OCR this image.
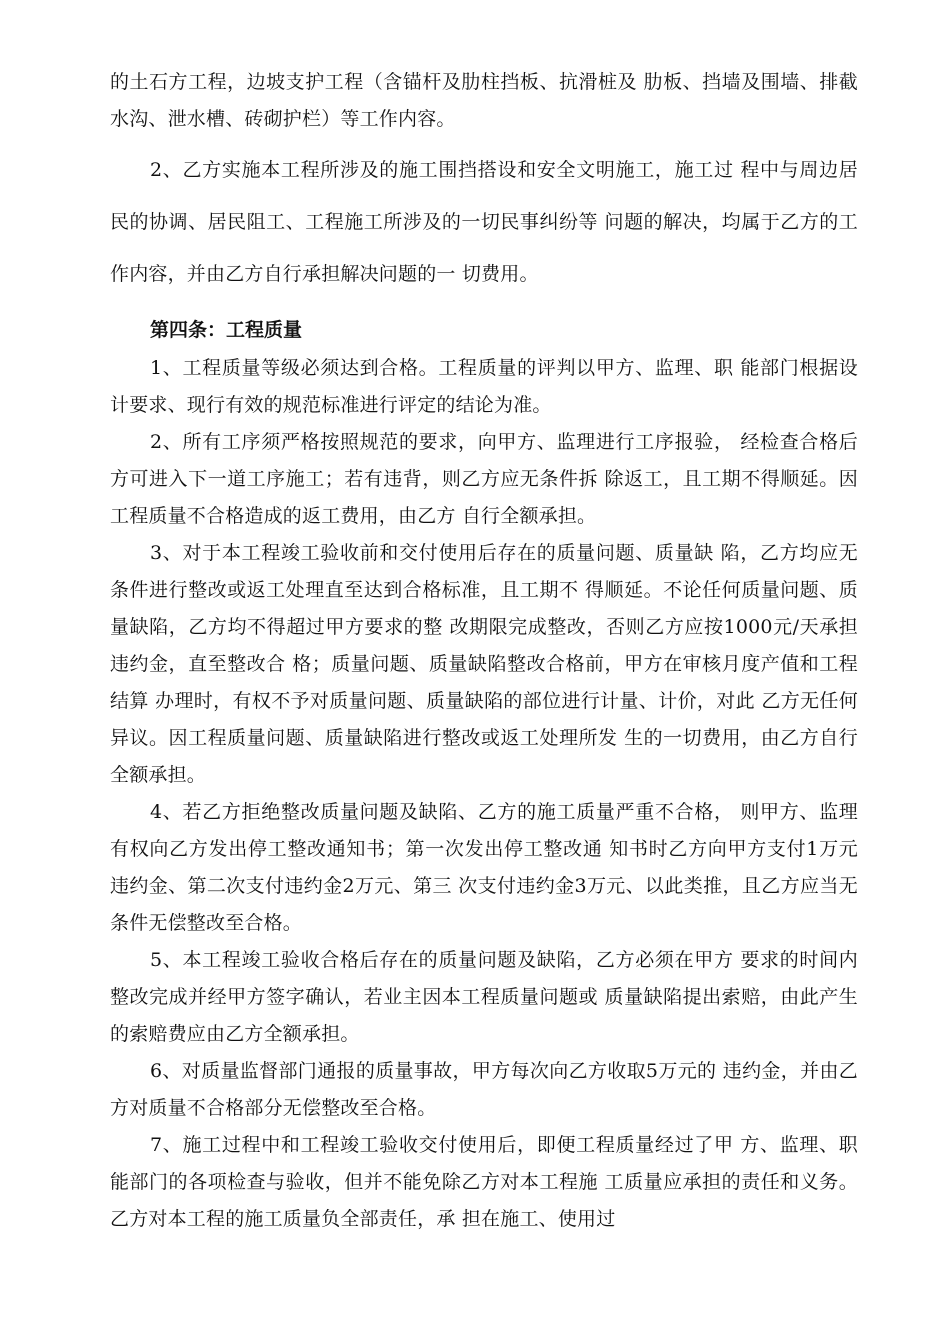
的土石方工程，边坡支护工程（含锚杆及肋柱挡板、抗滑桩及 肋板、挡墙及围墙、排截水沟、泄水槽、砖砌护栏）等工作内容。

2、乙方实施本工程所涉及的施工围挡搭设和安全文明施工，施工过 程中与周边居民的协调、居民阻工、工程施工所涉及的一切民事纠纷等 问题的解决，均属于乙方的工作内容，并由乙方自行承担解决问题的一 切费用。

第四条：工程质量

1、工程质量等级必须达到合格。工程质量的评判以甲方、监理、职 能部门根据设计要求、现行有效的规范标准进行评定的结论为准。

2、所有工序须严格按照规范的要求，向甲方、监理进行工序报验， 经检查合格后方可进入下一道工序施工；若有违背，则乙方应无条件拆 除返工，且工期不得顺延。因工程质量不合格造成的返工费用，由乙方 自行全额承担。

3、对于本工程竣工验收前和交付使用后存在的质量问题、质量缺 陷，乙方均应无条件进行整改或返工处理直至达到合格标准，且工期不 得顺延。不论任何质量问题、质量缺陷，乙方均不得超过甲方要求的整 改期限完成整改，否则乙方应按1000元/天承担违约金，直至整改合 格；质量问题、质量缺陷整改合格前，甲方在审核月度产值和工程结算 办理时，有权不予对质量问题、质量缺陷的部位进行计量、计价，对此 乙方无任何异议。因工程质量问题、质量缺陷进行整改或返工处理所发 生的一切费用，由乙方自行全额承担。

4、若乙方拒绝整改质量问题及缺陷、乙方的施工质量严重不合格， 则甲方、监理有权向乙方发出停工整改通知书；第一次发出停工整改通 知书时乙方向甲方支付1万元违约金、第二次支付违约金2万元、第三 次支付违约金3万元、以此类推，且乙方应当无条件无偿整改至合格。

5、本工程竣工验收合格后存在的质量问题及缺陷，乙方必须在甲方 要求的时间内整改完成并经甲方签字确认，若业主因本工程质量问题或 质量缺陷提出索赔，由此产生的索赔费应由乙方全额承担。

6、对质量监督部门通报的质量事故，甲方每次向乙方收取5万元的 违约金，并由乙方对质量不合格部分无偿整改至合格。

7、施工过程中和工程竣工验收交付使用后，即便工程质量经过了甲 方、监理、职能部门的各项检查与验收，但并不能免除乙方对本工程施 工质量应承担的责任和义务。乙方对本工程的施工质量负全部责任，承 担在施工、使用过
